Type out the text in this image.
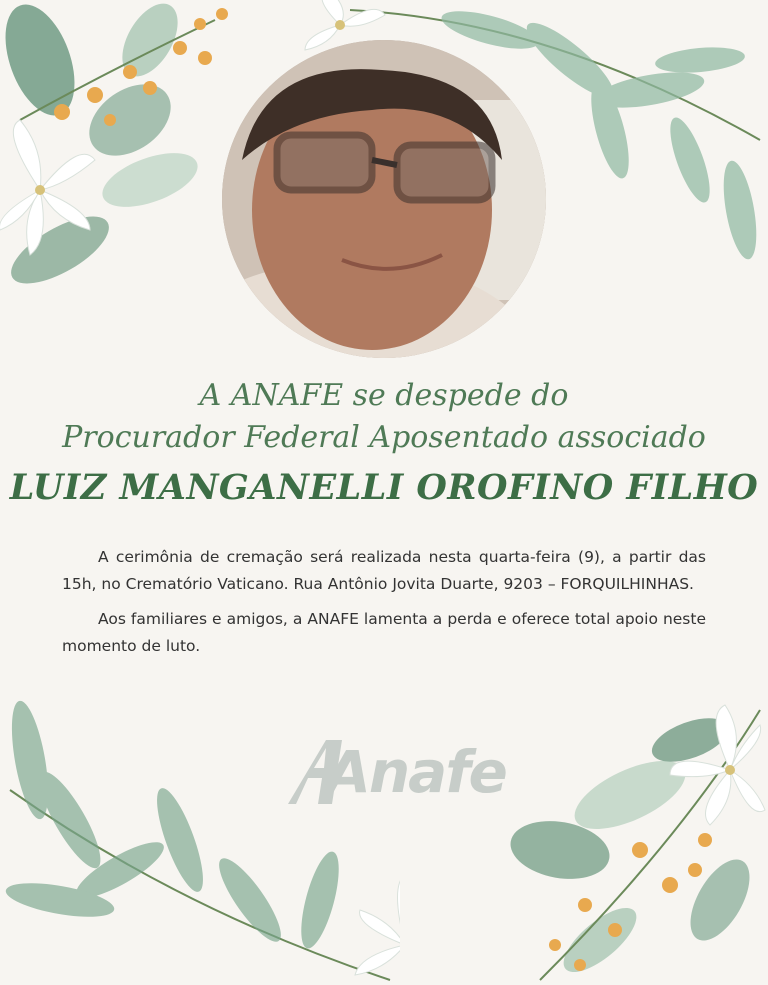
A ANAFE se despede do
Procurador Federal Aposentado associado
LUIZ MANGANELLI OROFINO FILHO

A cerimônia de cremação será realizada nesta quarta-feira (9), a partir das 15h, no Crematório Vaticano. Rua Antônio Jovita Duarte, 9203 – FORQUILHINHAS.

Aos familiares e amigos, a ANAFE lamenta a perda e oferece total apoio neste momento de luto.

Anafe
